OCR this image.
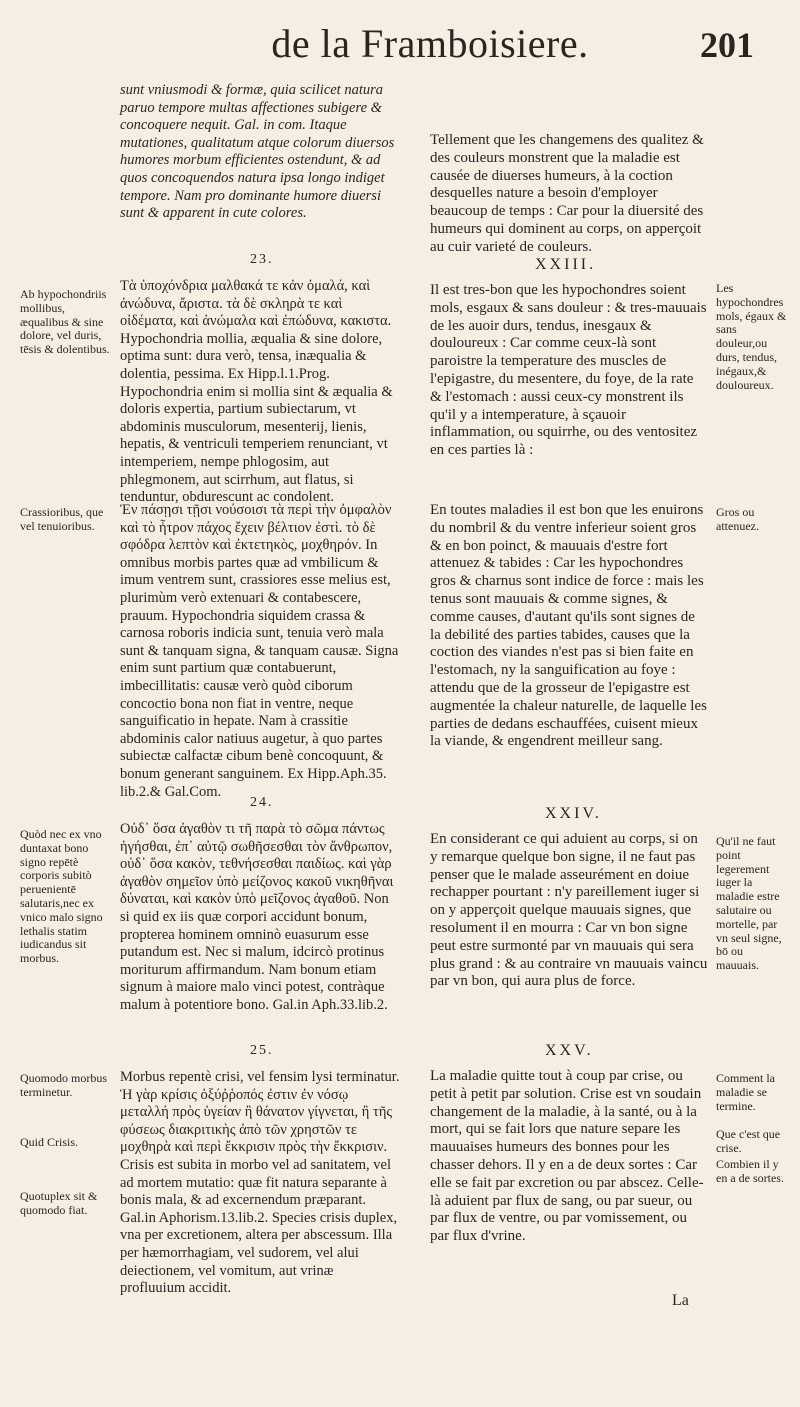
de la Framboisiere.	201

sunt vniusmodi & formæ, quia scilicet natura paruo tempore multas affectiones subigere & concoquere nequit. Gal. in com. Itaque mutationes, qualitatum atque colorum diuersos humores morbum efficientes ostendunt, & ad quos concoquendos natura ipsa longo indiget tempore. Nam pro dominante humore diuersi sunt & apparent in cute colores.

23.

Τὰ ὑποχόνδρια μαλθακά τε κἀν ὁμαλά, καὶ ἀνώδυνα, ἄριστα. τὰ δὲ σκληρὰ τε καὶ οἰδέματα, καὶ ἀνώμαλα καὶ ἐπώδυνα, κακιστα. Hypochondria mollia, æqualia & sine dolore, optima sunt: dura verò, tensa, inæqualia & dolentia, pessima. Ex Hipp.l.1.Prog. Hypochondria enim si mollia sint & æqualia & doloris expertia, partium subiectarum, vt abdominis musculorum, mesenterij, lienis, hepatis, & ventriculi temperiem renunciant, vt intemperiem, nempe phlogosim, aut phlegmonem, aut scirrhum, aut flatus, si tenduntur, obdurescunt ac condolent.

Ἐν πάσῃσι τῇσι νούσοισι τὰ περὶ τὴν ὀμφαλὸν καὶ τὸ ἦτρον πάχος ἔχειν βέλτιον ἐστὶ. τὸ δὲ σφόδρα λεπτὸν καὶ ἐκτετηκὸς, μοχθηρόν. In omnibus morbis partes quæ ad vmbilicum & imum ventrem sunt, crassiores esse melius est, plurimùm verò extenuari & contabescere, prauum. Hypochondria siquidem crassa & carnosa roboris indicia sunt, tenuia verò mala sunt & tanquam signa, & tanquam causæ. Signa enim sunt partium quæ contabuerunt, imbecillitatis: causæ verò quòd ciborum concoctio bona non fiat in ventre, neque sanguificatio in hepate. Nam à crassitie abdominis calor natiuus augetur, à quo partes subiectæ calfactæ cibum benè concoquunt, & bonum generant sanguinem. Ex Hipp.Aph.35. lib.2.& Gal.Com.

24.

Οὐδ᾽ ὅσα ἀγαθὸν τι τῆ παρὰ τὸ σῶμα πάντως ἡγήσθαι, ἐπ᾽ αὐτῷ σωθῆσεσθαι τὸν ἄνθρωπον, οὐδ᾽ ὅσα κακὸν, τεθνήσεσθαι παιδίως. καὶ γὰρ ἀγαθὸν σημεῖον ὑπὸ μείζονος κακοῦ νικηθῆναι δύναται, καὶ κακὸν ὑπὸ μεῖζονος ἀγαθοῦ. Non si quid ex iis quæ corpori accidunt bonum, propterea hominem omninò euasurum esse putandum est. Nec si malum, idcircò protinus moriturum affirmandum. Nam bonum etiam signum à maiore malo vinci potest, contràque malum à potentiore bono. Gal.in Aph.33.lib.2.

25.

Morbus repentè crisi, vel fensim lysi terminatur. Ἡ γὰρ κρίσις ὀξύῤῥοπός ἐστιν ἐν νόσῳ μεταλλή πρὸς ὑγείαν ἢ θάνατον γίγνεται, ἢ τῆς φύσεως διακριτικὴς ἀπὸ τῶν χρηστῶν τε μοχθηρὰ καὶ περὶ ἔκκρισιν πρὸς τὴν ἔκκρισιν. Crisis est subita in morbo vel ad sanitatem, vel ad mortem mutatio: quæ fit natura separante à bonis mala, & ad excernendum præparant. Gal.in Aphorism.13.lib.2. Species crisis duplex, vna per excretionem, altera per abscessum. Illa per hæmorrhagiam, vel sudorem, vel alui deiectionem, vel vomitum, aut vrinæ profluuium accidit.

Tellement que les changemens des qualitez & des couleurs monstrent que la maladie est causée de diuerses humeurs, à la coction desquelles nature a besoin d'employer beaucoup de temps : Car pour la diuersité des humeurs qui dominent au corps, on apperçoit au cuir varieté de couleurs.

XXIII.

Il est tres-bon que les hypochondres soient mols, esgaux & sans douleur : & tres-mauuais de les auoir durs, tendus, inesgaux & douloureux : Car comme ceux-là sont paroistre la temperature des muscles de l'epigastre, du mesentere, du foye, de la rate & l'estomach : aussi ceux-cy monstrent ils qu'il y a intemperature, à sçauoir inflammation, ou squirrhe, ou des ventositez en ces parties là :

En toutes maladies il est bon que les enuirons du nombril & du ventre inferieur soient gros & en bon poinct, & mauuais d'estre fort attenuez & tabides : Car les hypochondres gros & charnus sont indice de force : mais les tenus sont mauuais & comme signes, & comme causes, d'autant qu'ils sont signes de la debilité des parties tabides, causes que la coction des viandes n'est pas si bien faite en l'estomach, ny la sanguification au foye : attendu que de la grosseur de l'epigastre est augmentée la chaleur naturelle, de laquelle les parties de dedans eschauffées, cuisent mieux la viande, & engendrent meilleur sang.

XXIV.

En considerant ce qui aduient au corps, si on y remarque quelque bon signe, il ne faut pas penser que le malade asseurément en doiue rechapper pourtant : n'y pareillement iuger si on y apperçoit quelque mauuais signes, que resolument il en mourra : Car vn bon signe peut estre surmonté par vn mauuais qui sera plus grand : & au contraire vn mauuais vaincu par vn bon, qui aura plus de force.

XXV.

La maladie quitte tout à coup par crise, ou petit à petit par solution. Crise est vn soudain changement de la maladie, à la santé, ou à la mort, qui se fait lors que nature separe les mauuaises humeurs des bonnes pour les chasser dehors. Il y en a de deux sortes : Car elle se fait par excretion ou par abscez. Celle-là aduient par flux de sang, ou par sueur, ou par flux de ventre, ou par vomissement, ou par flux d'vrine.

La
Ab hypochondriis mollibus, æqualibus & sine dolore, vel duris, tēsis & dolentibus.
Crassioribus, que vel tenuioribus.
Quòd nec ex vno duntaxat bono signo repētè corporis subitò peruenientē salutaris,nec ex vnico malo signo lethalis statim iudicandus sit morbus.
Quomodo morbus terminetur.
Quid Crisis.
Quotuplex sit & quomodo fiat.
Les hypochondres mols, égaux & sans douleur,ou durs, tendus, inégaux,& douloureux.
Gros ou attenuez.
Qu'il ne faut point legerement iuger la maladie estre salutaire ou mortelle, par vn seul signe, bō ou mauuais.
Comment la maladie se termine.
Que c'est que crise.
Combien il y en a de sortes.
